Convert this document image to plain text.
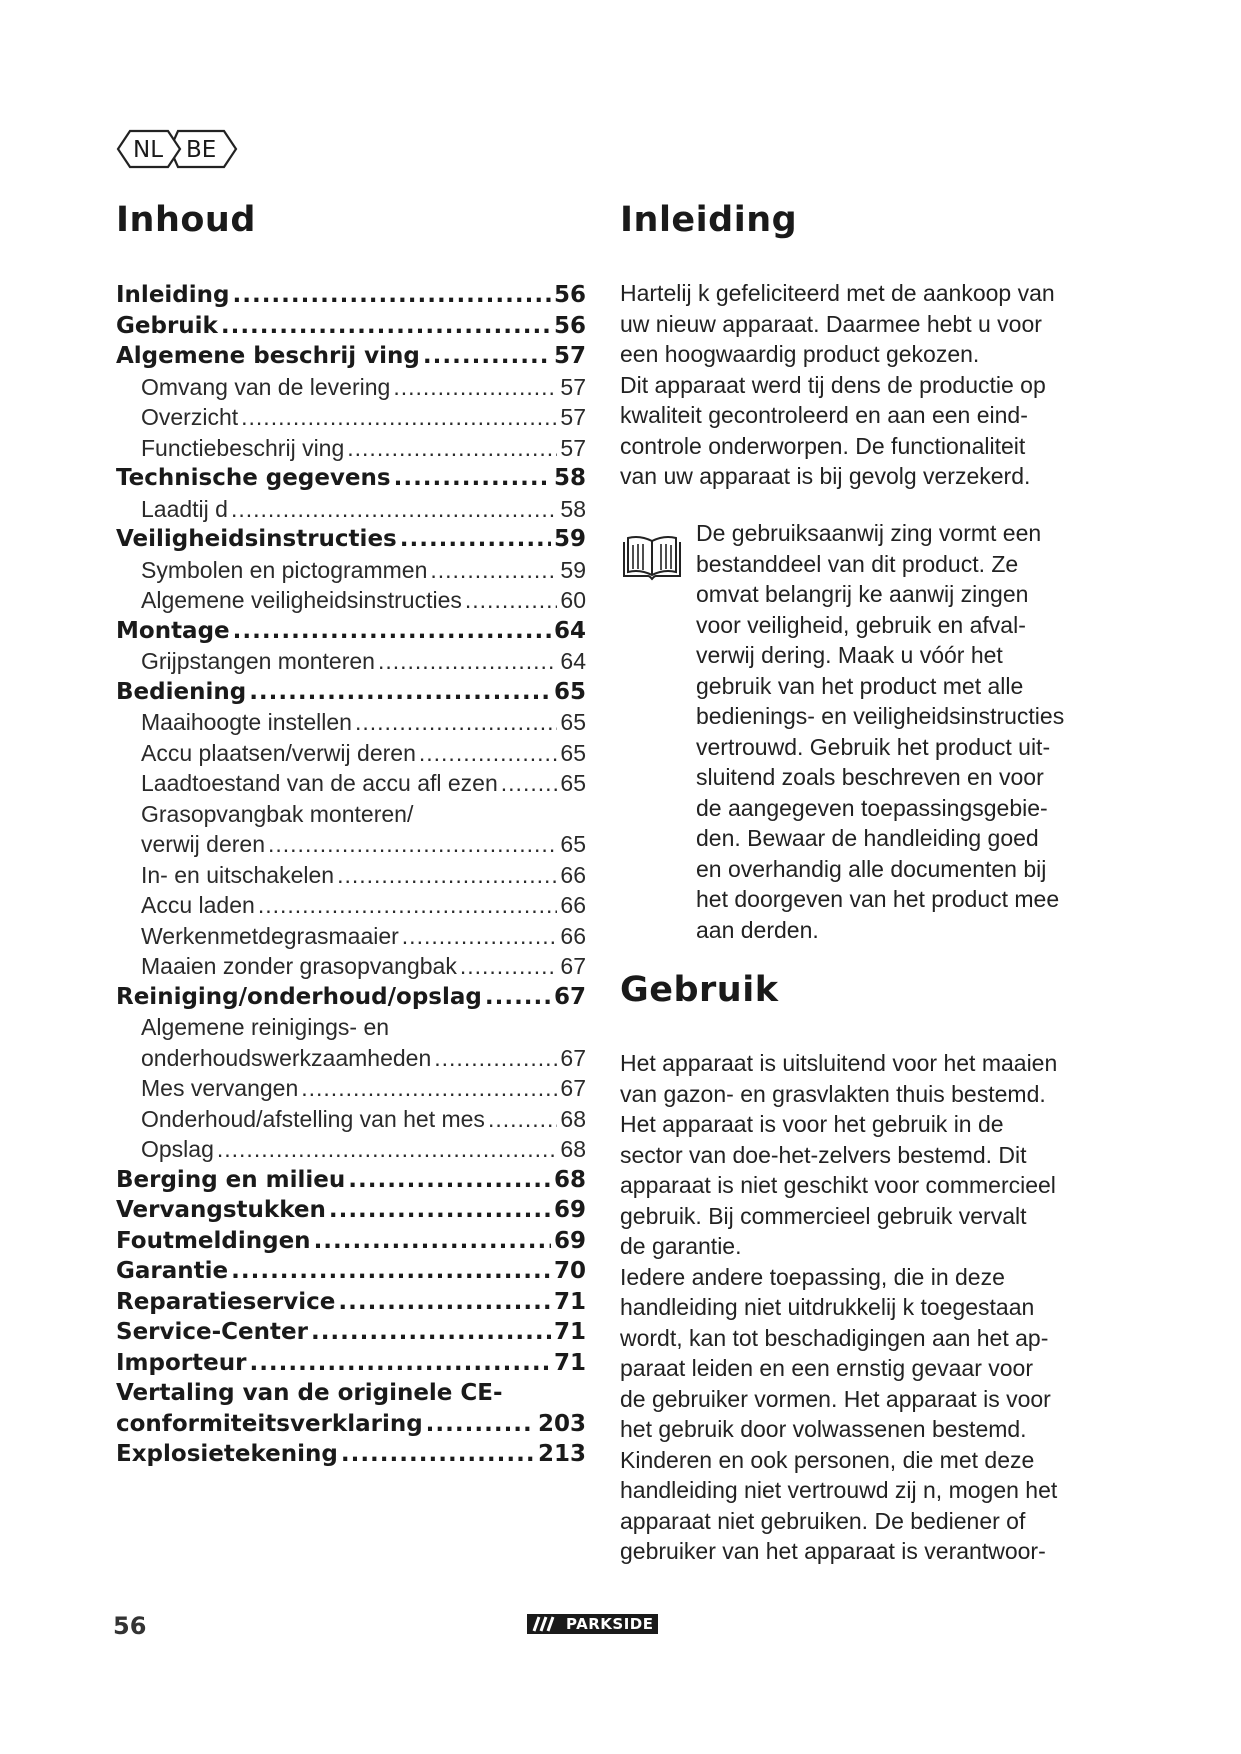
NL BE
Inhoud
Inleiding .....	56
Gebruik .....	56
Algemene beschrij ving .....	57
Omvang van de levering .....	57
Overzicht .....	57
Functiebeschrij ving .....	57
Technische gegevens .....	58
Laadtij d .....	58
Veiligheidsinstructies .....	59
Symbolen en pictogrammen .....	59
Algemene veiligheidsinstructies .....	60
Montage .....	64
Grijpstangen monteren .....	64
Bediening .....	65
Maaihoogte instellen .....	65
Accu plaatsen/verwij deren .....	65
Laadtoestand van de accu afl ezen .....	65
Grasopvangbak monteren/
verwij deren .....	65
In- en uitschakelen .....	66
Accu laden .....	66
Werkenmetdegrasmaaier .....	66
Maaien zonder grasopvangbak .....	67
Reiniging/onderhoud/opslag .....	67
Algemene reinigings- en
onderhoudswerkzaamheden .....	67
Mes vervangen .....	67
Onderhoud/afstelling van het mes .....	68
Opslag .....	68
Berging en milieu .....	68
Vervangstukken .....	69
Foutmeldingen .....	69
Garantie .....	70
Reparatieservice .....	71
Service-Center .....	71
Importeur .....	71
Vertaling van de originele CE-
conformiteitsverklaring .....	203
Explosietekening .....	213
Inleiding

Hartelij k gefeliciteerd met de aankoop van
uw nieuw apparaat. Daarmee hebt u voor
een hoogwaardig product gekozen.
Dit apparaat werd tij dens de productie op
kwaliteit gecontroleerd en aan een eind-
controle onderworpen. De functionaliteit
van uw apparaat is bij gevolg verzekerd.

De gebruiksaanwij zing vormt een
bestanddeel van dit product. Ze
omvat belangrij ke aanwij zingen
voor veiligheid, gebruik en afval-
verwij dering. Maak u vóór het
gebruik van het product met alle
bedienings- en veiligheidsinstructies
vertrouwd. Gebruik het product uit-
sluitend zoals beschreven en voor
de aangegeven toepassingsgebie-
den. Bewaar de handleiding goed
en overhandig alle documenten bij
het doorgeven van het product mee
aan derden.

Gebruik

Het apparaat is uitsluitend voor het maaien
van gazon- en grasvlakten thuis bestemd.
Het apparaat is voor het gebruik in de
sector van doe-het-zelvers bestemd. Dit
apparaat is niet geschikt voor commercieel
gebruik. Bij commercieel gebruik vervalt
de garantie.
Iedere andere toepassing, die in deze
handleiding niet uitdrukkelij k toegestaan
wordt, kan tot beschadigingen aan het ap-
paraat leiden en een ernstig gevaar voor
de gebruiker vormen. Het apparaat is voor
het gebruik door volwassenen bestemd.
Kinderen en ook personen, die met deze
handleiding niet vertrouwd zij n, mogen het
apparaat niet gebruiken. De bediener of
gebruiker van het apparaat is verantwoor-

56	PARKSIDE
